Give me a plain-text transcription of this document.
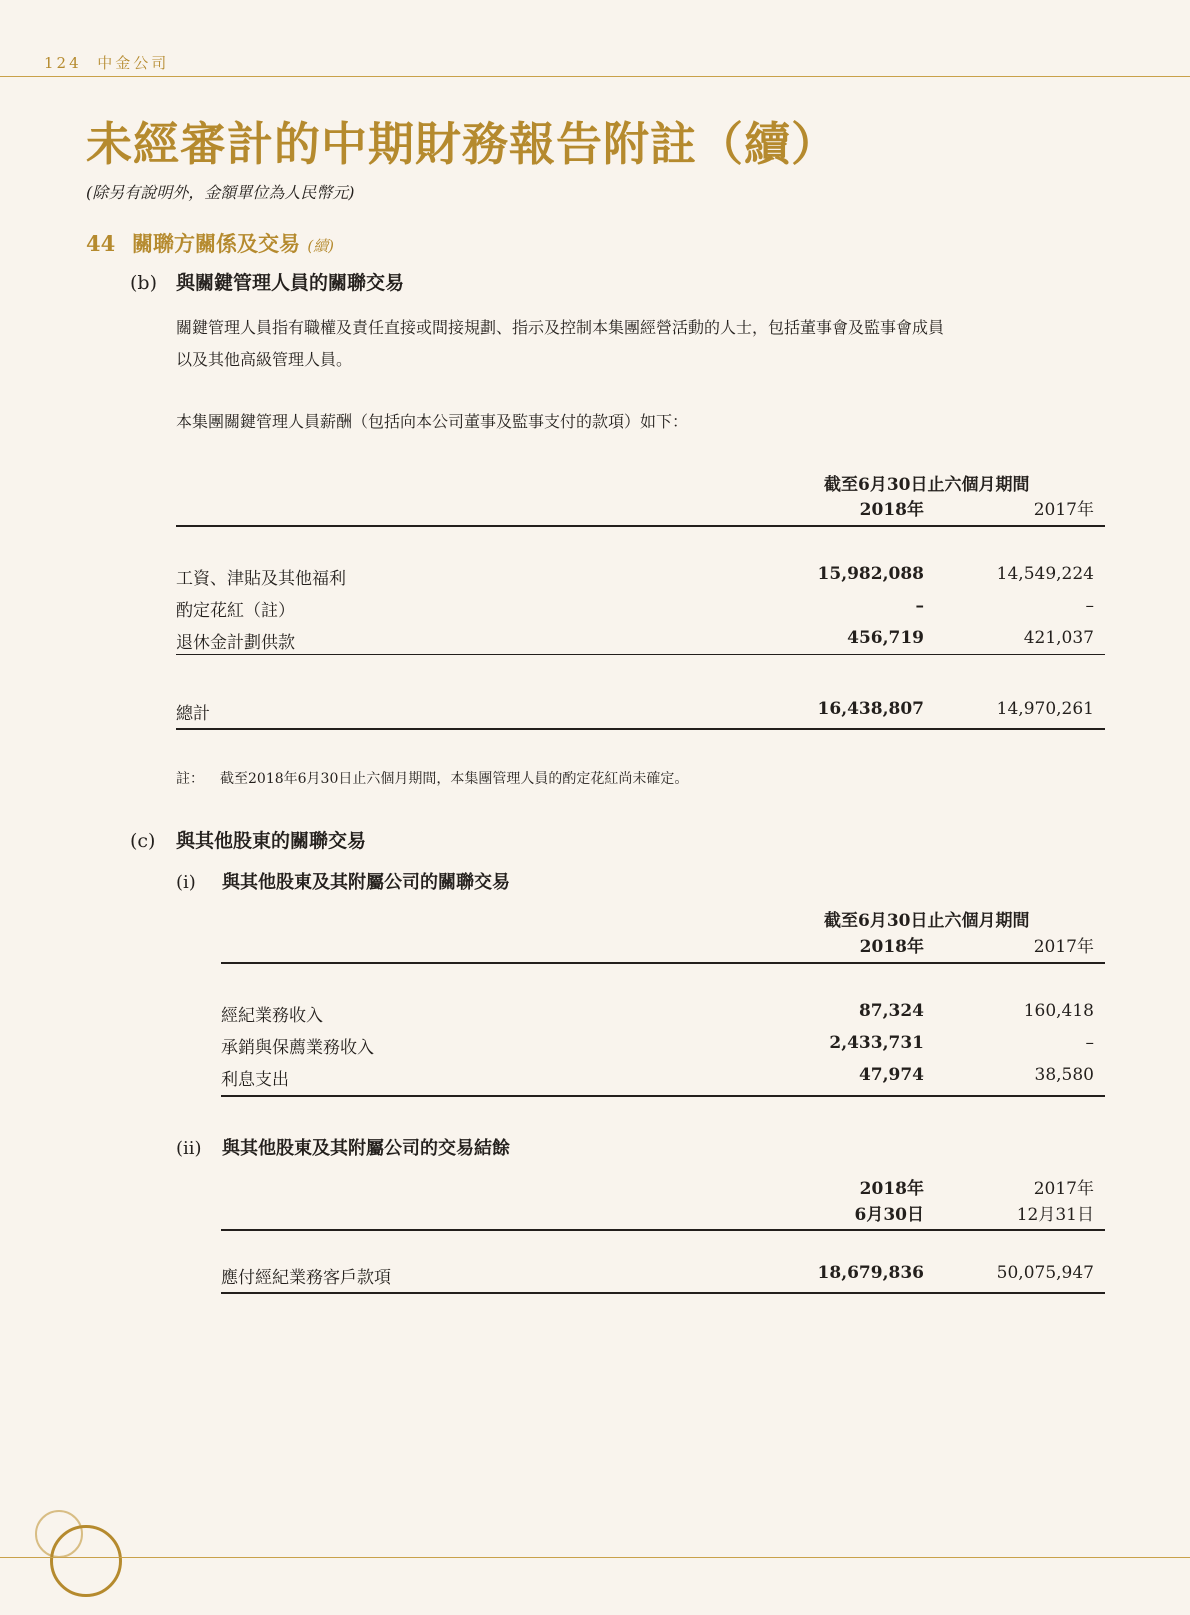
124 中金公司
未經審計的中期財務報告附註（續）
(除另有說明外，金額單位為人民幣元)
44 關聯方關係及交易 (續)
(b) 與關鍵管理人員的關聯交易
關鍵管理人員指有職權及責任直接或間接規劃、指示及控制本集團經營活動的人士，包括董事會及監事會成員
以及其他高級管理人員。
本集團關鍵管理人員薪酬（包括向本公司董事及監事支付的款項）如下：
截至6月30日止六個月期間
2018年	2017年
工資、津貼及其他福利	15,982,088	14,549,224
酌定花紅（註）	–	–
退休金計劃供款	456,719	421,037
總計	16,438,807	14,970,261
註： 截至2018年6月30日止六個月期間，本集團管理人員的酌定花紅尚未確定。
(c) 與其他股東的關聯交易
(i) 與其他股東及其附屬公司的關聯交易
截至6月30日止六個月期間
2018年	2017年
經紀業務收入	87,324	160,418
承銷與保薦業務收入	2,433,731	–
利息支出	47,974	38,580
(ii) 與其他股東及其附屬公司的交易結餘
2018年	2017年
6月30日	12月31日
應付經紀業務客戶款項	18,679,836	50,075,947
